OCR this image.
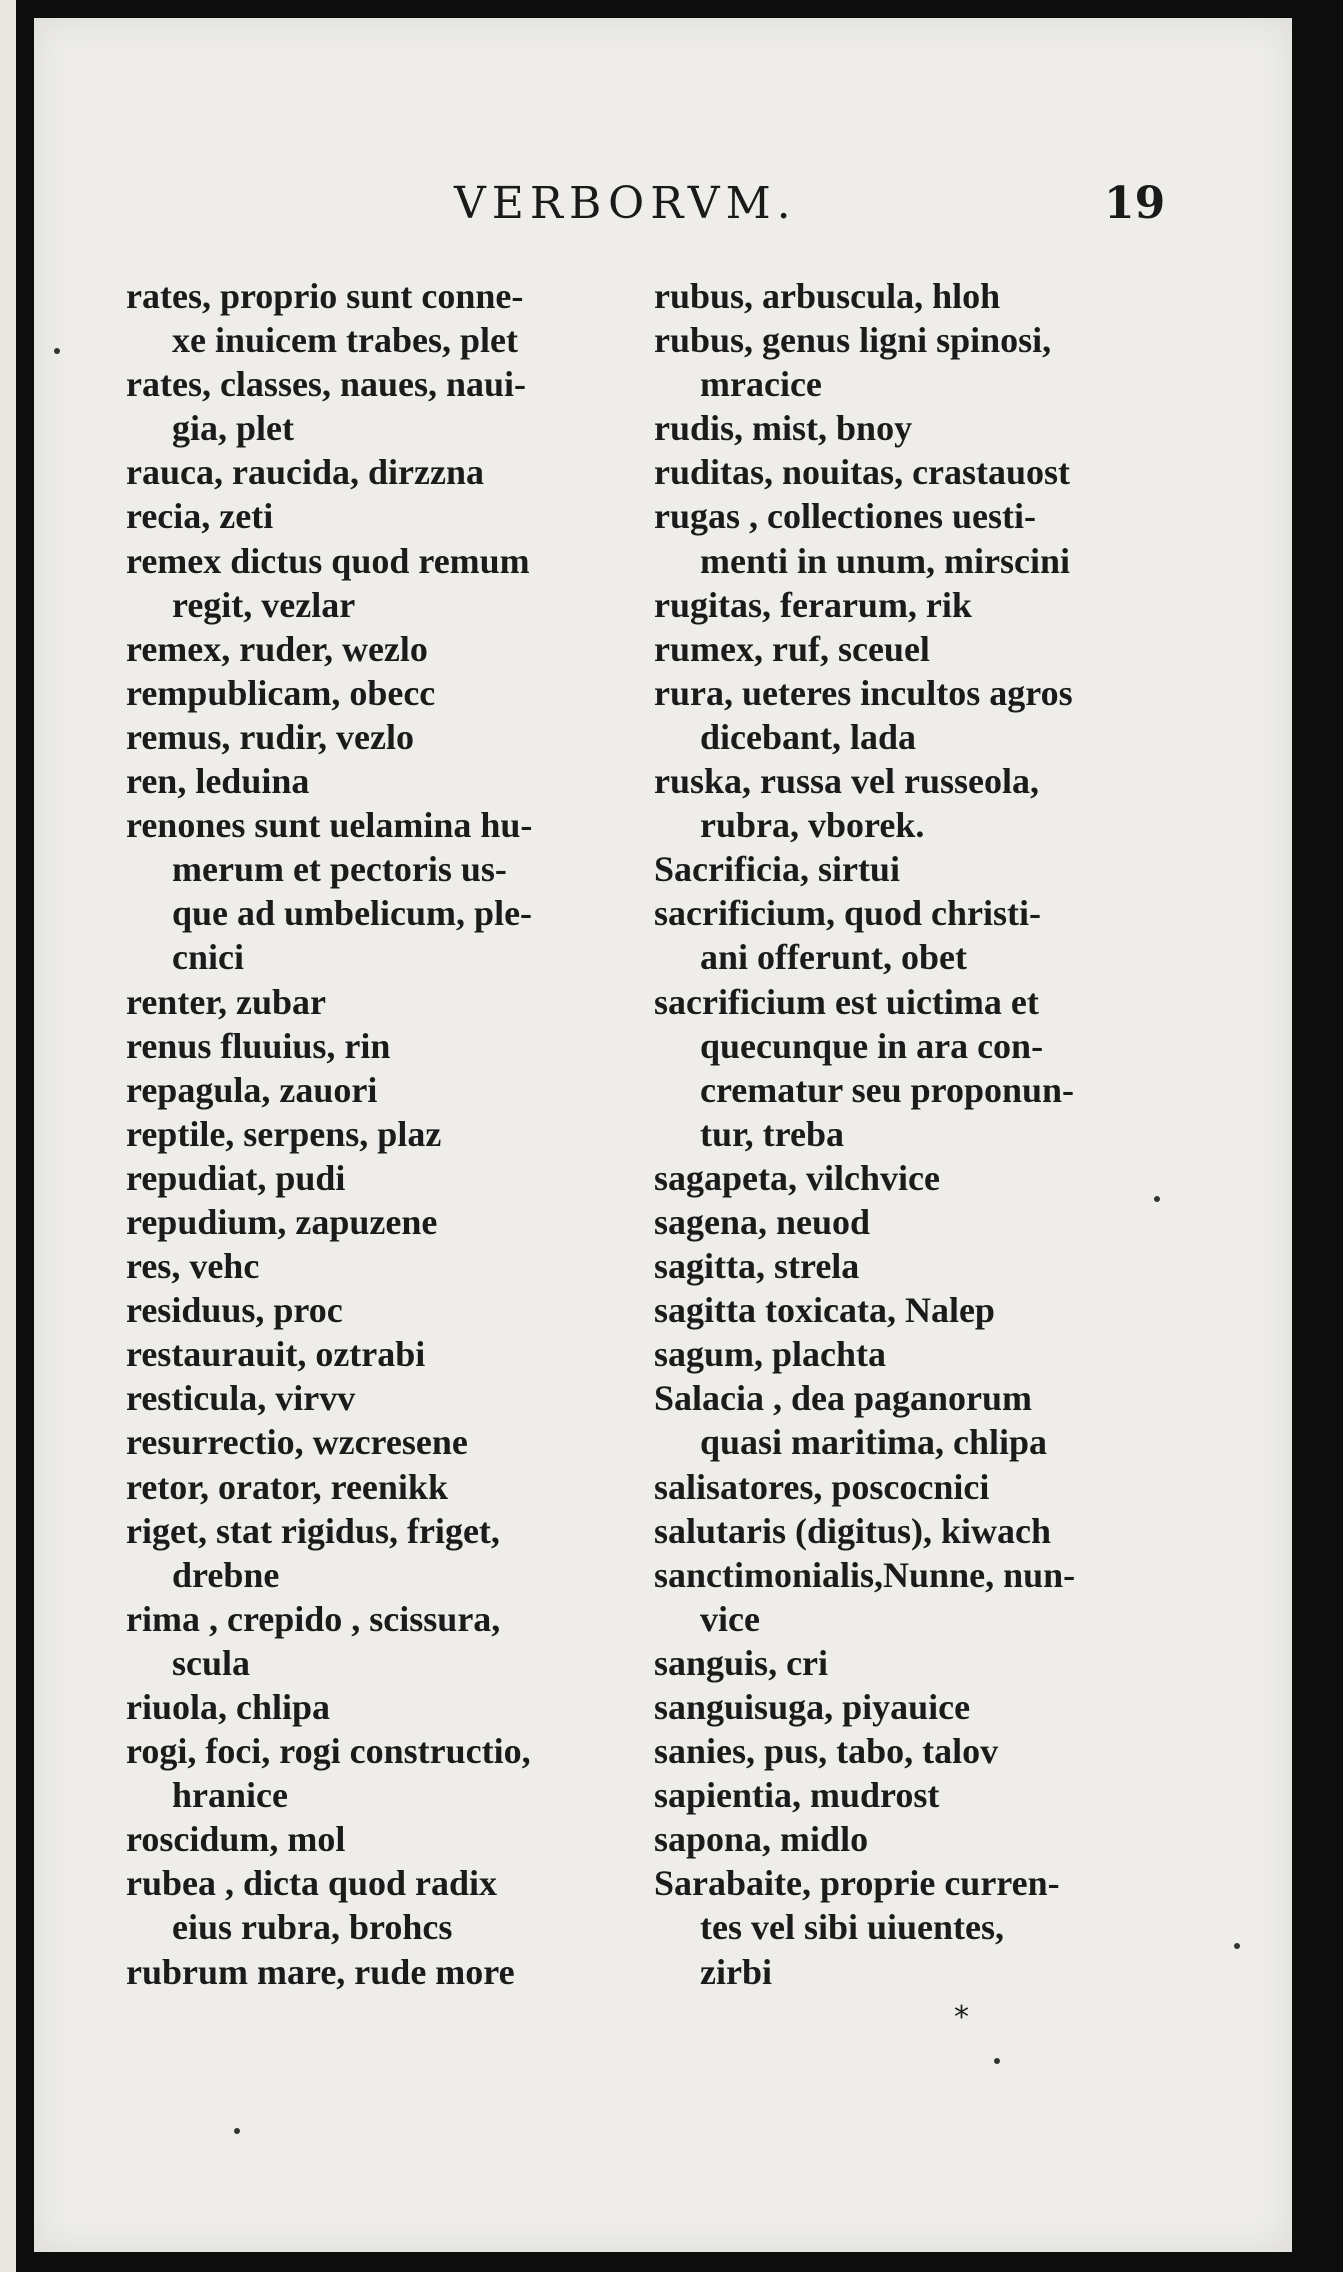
VERBORVM.	19
rates, proprio sunt conne-
xe inuicem trabes, plet
rates, classes, naues, naui-
gia, plet
rauca, raucida, dirzzna
recia, zeti
remex dictus quod remum
regit, vezlar
remex, ruder, wezlo
rempublicam, obecc
remus, rudir, vezlo
ren, leduina
renones sunt uelamina hu-
merum et pectoris us-
que ad umbelicum, ple-
cnici
renter, zubar
renus fluuius, rin
repagula, zauori
reptile, serpens, plaz
repudiat, pudi
repudium, zapuzene
res, vehc
residuus, proc
restaurauit, oztrabi
resticula, virvv
resurrectio, wzcresene
retor, orator, reenikk
riget, stat rigidus, friget,
drebne
rima , crepido , scissura,
scula
riuola, chlipa
rogi, foci, rogi constructio,
hranice
roscidum, mol
rubea , dicta quod radix
eius rubra, brohcs
rubrum mare, rude more
rubus, arbuscula, hloh
rubus, genus ligni spinosi,
mracice
rudis, mist, bnoy
ruditas, nouitas, crastauost
rugas , collectiones uesti-
menti in unum, mirscini
rugitas, ferarum, rik
rumex, ruf, sceuel
rura, ueteres incultos agros
dicebant, lada
ruska, russa vel russeola,
rubra, vborek.
Sacrificia, sirtui
sacrificium, quod christi-
ani offerunt, obet
sacrificium est uictima et
quecunque in ara con-
crematur seu proponun-
tur, treba
sagapeta, vilchvice
sagena, neuod
sagitta, strela
sagitta toxicata, Nalep
sagum, plachta
Salacia , dea paganorum
quasi maritima, chlipa
salisatores, poscocnici
salutaris (digitus), kiwach
sanctimonialis,Nunne, nun-
vice
sanguis, cri
sanguisuga, piyauice
sanies, pus, tabo, talov
sapientia, mudrost
sapona, midlo
Sarabaite, proprie curren-
tes vel sibi uiuentes,
zirbi
*
